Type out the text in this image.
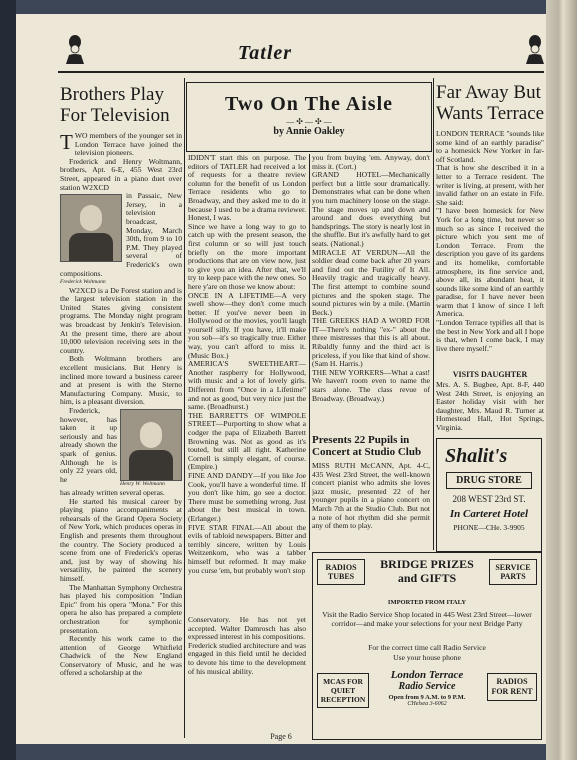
Tatler
Brothers Play For Television

TWO members of the younger set in London Terrace have joined the television pioneers.

Frederick and Henry Woltmann, brothers, Apt. 6-E, 455 West 23rd Street, appeared in a piano duet over station W2XCD

in Passaic, New Jersey, in a television broadcast, Monday, March 30th, from 9 to 10 P.M. They played several of Frederick's own compositions.

Frederick Woltmann

W2XCD is a De Forest station and is the largest television station in the United States giving consistent programs. The Monday night program was broadcast by Jenkin's Television. At the present time, there are about 10,000 television receiving sets in the country.

Both Woltmann brothers are excellent musicians. But Henry is inclined more toward a business career and at present is with the Sterno Manufacturing Company. Music, to him, is a pleasant diversion.

Henry W. Woltmann

Frederick, however, has taken it up seriously and has already shown the spark of genius. Although he is only 22 years old, he

has already written several operas.

He started his musical career by playing piano accompaniments at rehearsals of the Grand Opera Society of New York, which produces operas in English and presents them throughout the country. The Society produced a scene from one of Frederick's operas and, just by way of showing his versatility, he painted the scenery himself.

The Manhattan Symphony Orchestra has played his composition "Indian Epic" from his opera "Mona." For this opera he also has prepared a complete orchestration for symphonic presentation.

Recently his work came to the attention of George Whitfield Chadwick of the New England Conservatory of Music, and he was offered a scholarship at the

Two On The Aisle
— ✣ — ✣ —
by Annie Oakley
IDIDN'T start this on purpose. The editors of TATLER had received a lot of requests for a theatre review column for the benefit of us London Terrace residents who go to Broadway, and they asked me to do it because I used to be a drama reviewer. Honest, I was.
Since we have a long way to go to catch up with the present season, the first column or so will just touch briefly on the more important productions that are on view now, just to give you an idea. After that, we'll try to keep pace with the new ones. So here y'are on those we know about:
ONCE IN A LIFETIME—A very swell show—they don't come much better. If you've never been in Hollywood or the movies, you'll laugh yourself silly. If you have, it'll make you sob—it's so tragically true. Either way, you can't afford to miss it. (Music Box.)
AMERICA'S SWEETHEART—Another raspberry for Hollywood, with music and a lot of lovely girls. Different from "Once in a Lifetime" and not as good, but very nice just the same. (Broadhurst.)
THE BARRETTS OF WIMPOLE STREET—Purporting to show what a codger the papa of Elizabeth Barrett Browning was. Not as good as it's touted, but still all right. Katherine Cornell is simply elegant, of course. (Empire.)
FINE AND DANDY—If you like Joe Cook, you'll have a wonderful time. If you don't like him, go see a doctor. There must be something wrong. Just about the best musical in town. (Erlanger.)
FIVE STAR FINAL—All about the evils of tabloid newspapers. Bitter and terribly sincere, written by Louis Weitzenkorn, who was a tabber himself but reformed. It may make you curse 'em, but probably won't stop
you from buying 'em. Anyway, don't miss it. (Cort.)
GRAND HOTEL—Mechanically perfect but a little sour dramatically. Demonstrates what can be done when you turn machinery loose on the stage. The stage moves up and down and around and does everything but handsprings. The story is nearly lost in the shuffle. But it's awfully hard to get seats. (National.)
MIRACLE AT VERDUN—All the soldier dead come back after 20 years and find out the Futility of It All. Heavily tragic and tragically heavy. The first attempt to combine sound pictures and the spoken stage. The sound pictures win by a mile. (Martin Beck.)
THE GREEKS HAD A WORD FOR IT—There's nothing "ex-" about the three mistresses that this is all about. Ribaldly funny and the third act is priceless, if you like that kind of show. (Sam H. Harris.)
THE NEW YORKERS—What a cast! We haven't room even to name the stars alone. The class revue of Broadway. (Broadway.)
Presents 22 Pupils in Concert at Studio Club
MISS RUTH McCANN, Apt. 4-C, 435 West 23rd Street, the well-known concert pianist who admits she loves jazz music, presented 22 of her younger pupils in a piano concert on March 7th at the Studio Club. But not a note of hot rhythm did she permit any of them to play.
Conservatory. He has not yet accepted. Walter Damrosch has also expressed interest in his compositions.
Frederick studied architecture and was engaged in this field until he decided to devote his time to the development of his musical ability.
Far Away But Wants Terrace
LONDON TERRACE "sounds like some kind of an earthly paradise" to a homesick New Yorker in far-off Scotland.
That is how she described it in a letter to a Terrace resident. The writer is living, at present, with her invalid father on an estate in Fife. She said:
"I have been homesick for New York for a long time, but never so much so as since I received the picture which you sent me of London Terrace. From the description you gave of its gardens and its homelike, comfortable atmosphere, its fine service and, above all, its abundant heat, it sounds like some kind of an earthly paradise, for I have never been warm that I know of since I left America.
"London Terrace typifies all that is the best in New York and all I hope is that, when I come back, I may live there myself."
VISITS DAUGHTER
Mrs. A. S. Bugbee, Apt. 8-F, 440 West 24th Street, is enjoying an Easter holiday visit with her daughter, Mrs. Maud R. Turner at Homestead Hall, Hot Springs, Virginia.
Shalit's
DRUG STORE
208 WEST 23rd ST.
In Carteret Hotel
PHONE—CHe. 3-9905
RADIOS TUBES
BRIDGE PRIZES and GIFTS
SERVICE PARTS
IMPORTED FROM ITALY
Visit the Radio Service Shop located in 445 West 23rd Street—lower corridor—and make your selections for your next Bridge Party
For the correct time call Radio Service
Use your house phone
MCAS FOR QUIET RECEPTION
London Terrace
Radio Service
Open from 9 A.M. to 9 P.M.
CHelsea 3-6062
RADIOS FOR RENT
Page 6
